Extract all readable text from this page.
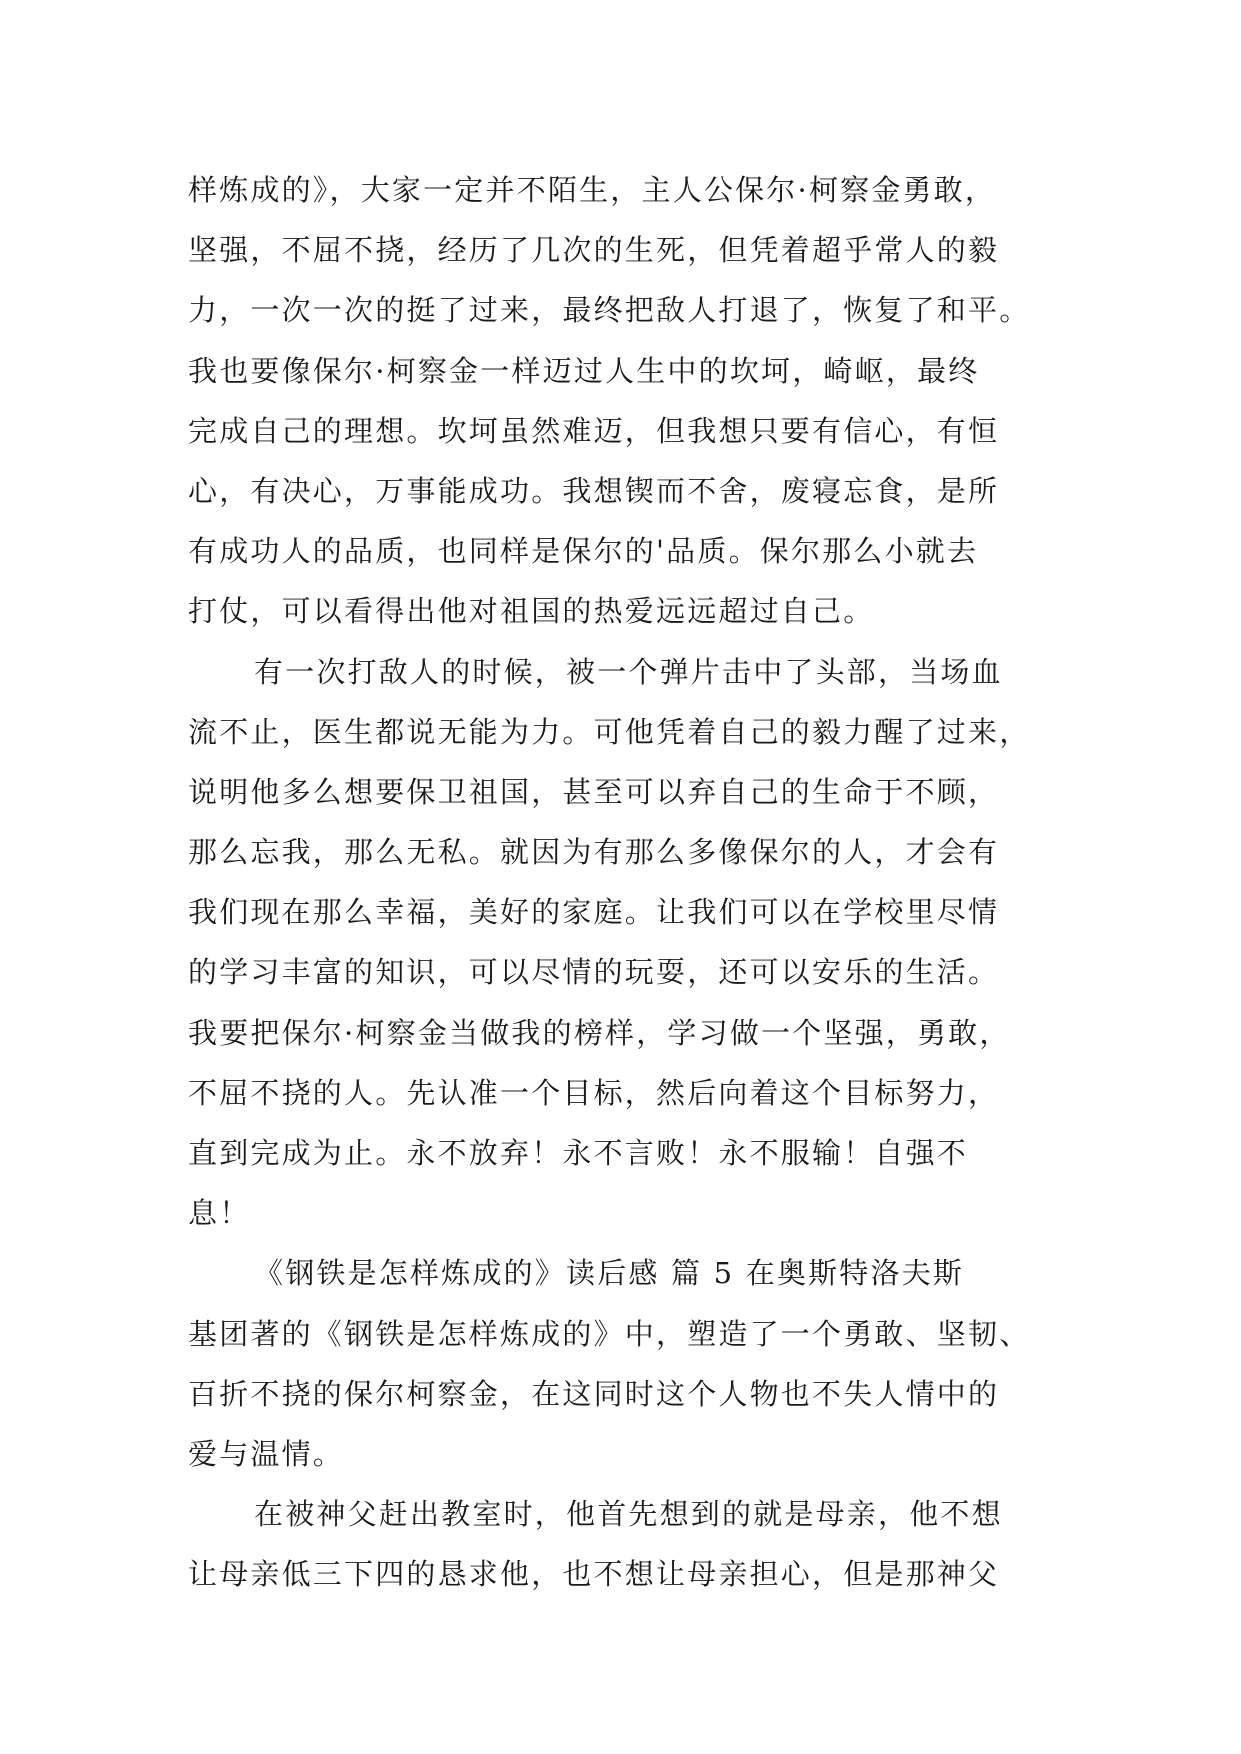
样炼成的》，大家一定并不陌生，主人公保尔·柯察金勇敢，
坚强，不屈不挠，经历了几次的生死，但凭着超乎常人的毅
力，一次一次的挺了过来，最终把敌人打退了，恢复了和平。
我也要像保尔·柯察金一样迈过人生中的坎坷，崎岖，最终
完成自己的理想。坎坷虽然难迈，但我想只要有信心，有恒
心，有决心，万事能成功。我想锲而不舍，废寝忘食，是所
有成功人的品质，也同样是保尔的'品质。保尔那么小就去
打仗，可以看得出他对祖国的热爱远远超过自己。
有一次打敌人的时候，被一个弹片击中了头部，当场血
流不止，医生都说无能为力。可他凭着自己的毅力醒了过来，
说明他多么想要保卫祖国，甚至可以弃自己的生命于不顾，
那么忘我，那么无私。就因为有那么多像保尔的人，才会有
我们现在那么幸福，美好的家庭。让我们可以在学校里尽情
的学习丰富的知识，可以尽情的玩耍，还可以安乐的生活。
我要把保尔·柯察金当做我的榜样，学习做一个坚强，勇敢，
不屈不挠的人。先认准一个目标，然后向着这个目标努力，
直到完成为止。永不放弃！永不言败！永不服输！自强不
息！
《钢铁是怎样炼成的》读后感 篇 5 在奥斯特洛夫斯
基团著的《钢铁是怎样炼成的》中，塑造了一个勇敢、坚韧、
百折不挠的保尔柯察金，在这同时这个人物也不失人情中的
爱与温情。
在被神父赶出教室时，他首先想到的就是母亲，他不想
让母亲低三下四的恳求他，也不想让母亲担心，但是那神父
